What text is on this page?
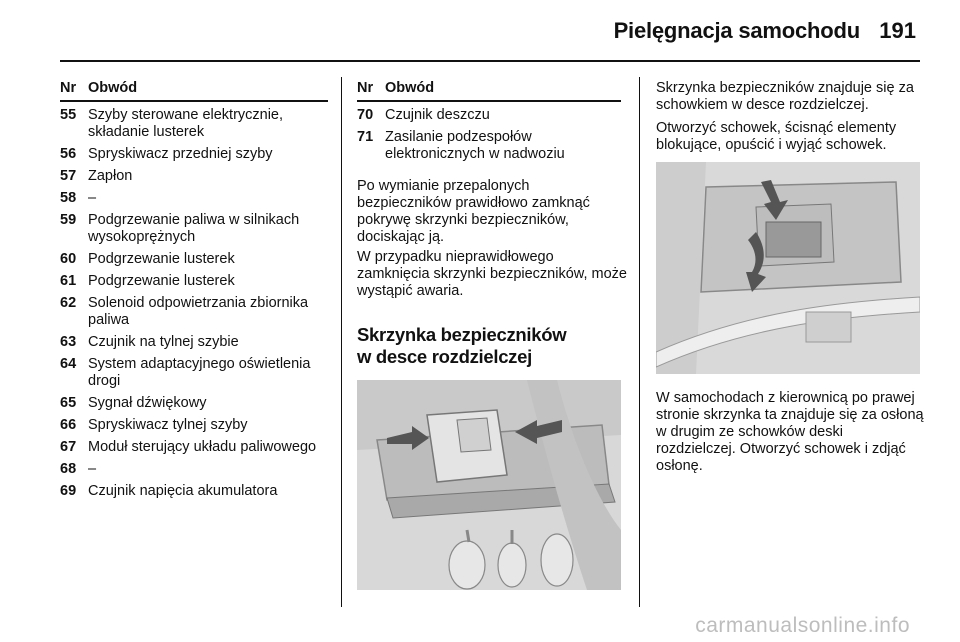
Pielęgnacja samochodu 191
Nr Obwód
55 Szyby sterowane elektrycznie, składanie lusterek
56 Spryskiwacz przedniej szyby
57 Zapłon
58 –
59 Podgrzewanie paliwa w silnikach wysokoprężnych
60 Podgrzewanie lusterek
61 Podgrzewanie lusterek
62 Solenoid odpowietrzania zbiornika paliwa
63 Czujnik na tylnej szybie
64 System adaptacyjnego oświetlenia drogi
65 Sygnał dźwiękowy
66 Spryskiwacz tylnej szyby
67 Moduł sterujący układu paliwowego
68 –
69 Czujnik napięcia akumulatora
Nr Obwód
70 Czujnik deszczu
71 Zasilanie podzespołów elektronicznych w nadwoziu

Po wymianie przepalonych bezpieczników prawidłowo zamknąć pokrywę skrzynki bezpieczników, dociskając ją.

W przypadku nieprawidłowego zamknięcia skrzynki bezpieczników, może wystąpić awaria.

Skrzynka bezpieczników
w desce rozdzielczej

Skrzynka bezpieczników znajduje się za schowkiem w desce rozdzielczej.

Otworzyć schowek, ścisnąć elementy blokujące, opuścić i wyjąć schowek.

W samochodach z kierownicą po prawej stronie skrzynka ta znajduje się za osłoną w drugim ze schowków deski rozdzielczej. Otworzyć schowek i zdjąć osłonę.

carmanualsonline.info
